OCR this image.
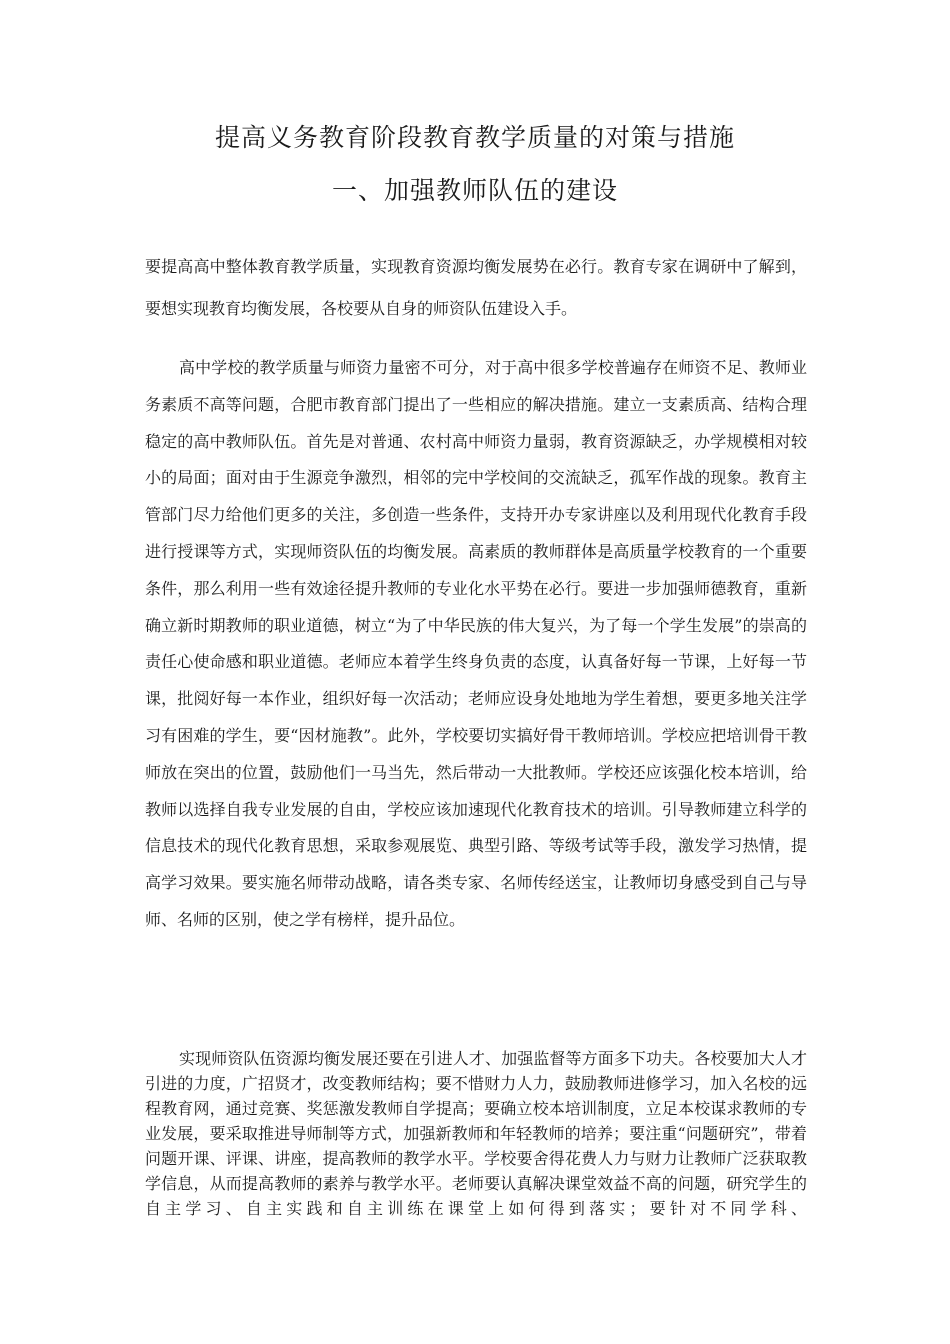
提高义务教育阶段教育教学质量的对策与措施
一、加强教师队伍的建设
要提高高中整体教育教学质量，实现教育资源均衡发展势在必行。教育专家在调研中了解到，要想实现教育均衡发展，各校要从自身的师资队伍建设入手。
高中学校的教学质量与师资力量密不可分，对于高中很多学校普遍存在师资不足、教师业务素质不高等问题，合肥市教育部门提出了一些相应的解决措施。建立一支素质高、结构合理稳定的高中教师队伍。首先是对普通、农村高中师资力量弱，教育资源缺乏，办学规模相对较小的局面；面对由于生源竞争激烈，相邻的完中学校间的交流缺乏，孤军作战的现象。教育主管部门尽力给他们更多的关注，多创造一些条件，支持开办专家讲座以及利用现代化教育手段进行授课等方式，实现师资队伍的均衡发展。高素质的教师群体是高质量学校教育的一个重要条件，那么利用一些有效途径提升教师的专业化水平势在必行。要进一步加强师德教育，重新确立新时期教师的职业道德，树立“为了中华民族的伟大复兴，为了每一个学生发展”的崇高的责任心使命感和职业道德。老师应本着学生终身负责的态度，认真备好每一节课，上好每一节课，批阅好每一本作业，组织好每一次活动；老师应设身处地地为学生着想，要更多地关注学习有困难的学生，要“因材施教”。此外，学校要切实搞好骨干教师培训。学校应把培训骨干教师放在突出的位置，鼓励他们一马当先，然后带动一大批教师。学校还应该强化校本培训，给教师以选择自我专业发展的自由，学校应该加速现代化教育技术的培训。引导教师建立科学的信息技术的现代化教育思想，采取参观展览、典型引路、等级考试等手段，激发学习热情，提高学习效果。要实施名师带动战略，请各类专家、名师传经送宝，让教师切身感受到自己与导师、名师的区别，使之学有榜样，提升品位。
实现师资队伍资源均衡发展还要在引进人才、加强监督等方面多下功夫。各校要加大人才引进的力度，广招贤才，改变教师结构；要不惜财力人力，鼓励教师进修学习，加入名校的远程教育网，通过竞赛、奖惩激发教师自学提高；要确立校本培训制度，立足本校谋求教师的专业发展，要采取推进导师制等方式，加强新教师和年轻教师的培养；要注重“问题研究”，带着问题开课、评课、讲座，提高教师的教学水平。学校要舍得花费人力与财力让教师广泛获取教学信息，从而提高教师的素养与教学水平。老师要认真解决课堂效益不高的问题，研究学生的自主学习、自主实践和自主训练在课堂上如何得到落实；要针对不同学科、
